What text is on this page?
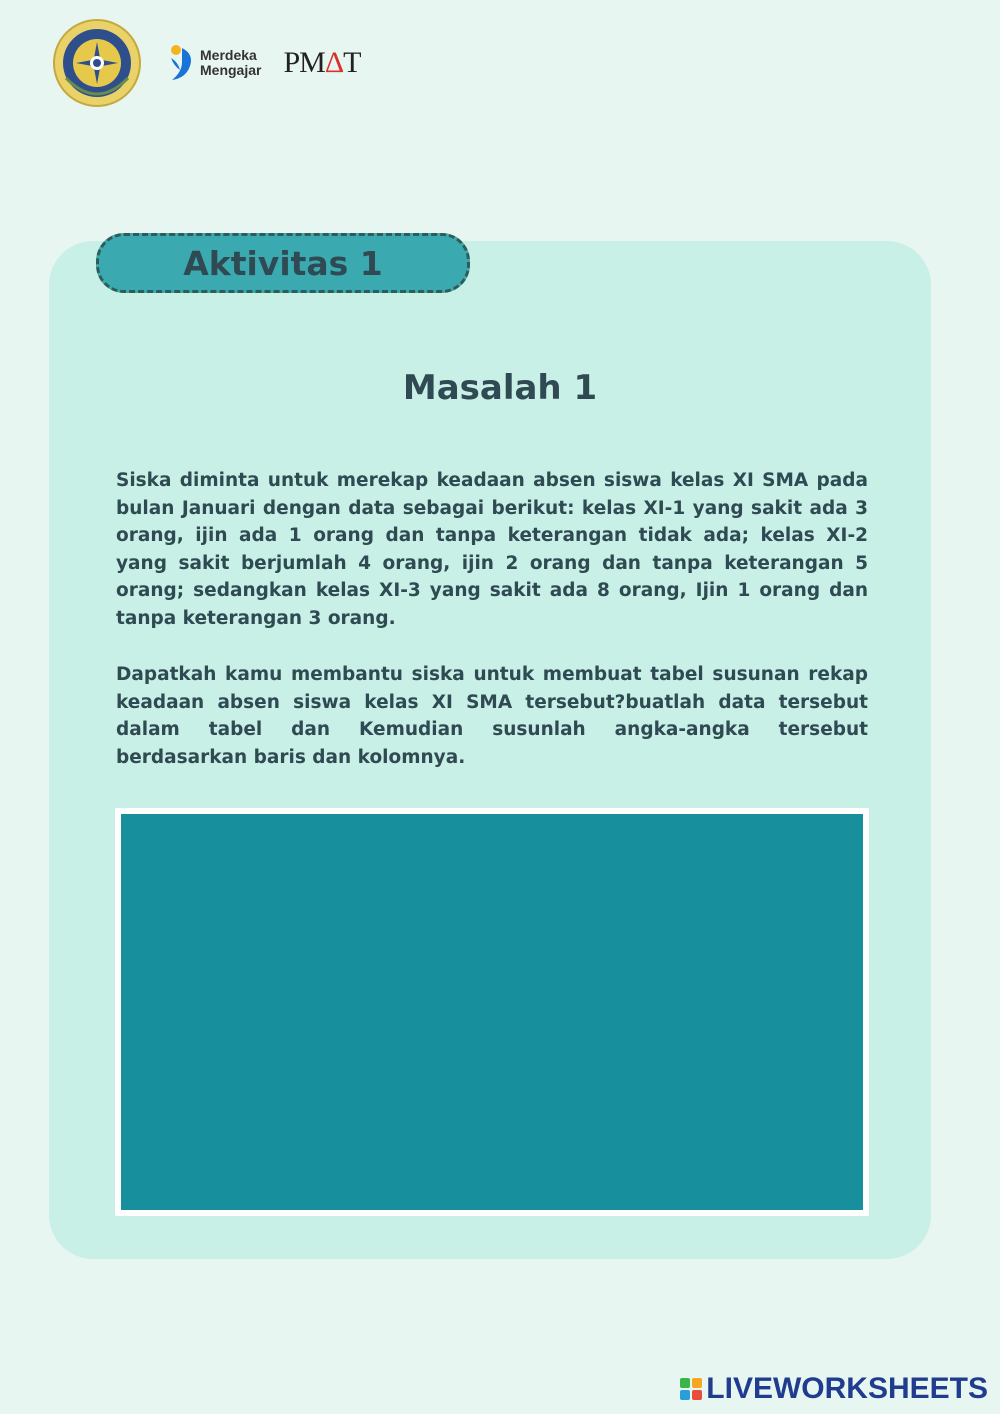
Merdeka
Mengajar PM Δ T
Aktivitas 1
Masalah 1

Siska diminta untuk merekap keadaan absen siswa kelas XI SMA pada bulan Januari dengan data sebagai berikut: kelas XI-1 yang sakit ada 3 orang, ijin ada 1 orang dan tanpa keterangan tidak ada; kelas XI-2 yang sakit berjumlah 4 orang, ijin 2 orang dan tanpa keterangan 5 orang; sedangkan kelas XI-3 yang sakit ada 8 orang, Ijin 1 orang dan tanpa keterangan 3 orang.

Dapatkah kamu membantu siska untuk membuat tabel susunan rekap keadaan absen siswa kelas XI SMA tersebut?buatlah data tersebut dalam tabel dan Kemudian susunlah angka-angka tersebut berdasarkan baris dan kolomnya.

LIVEWORKSHEETS
